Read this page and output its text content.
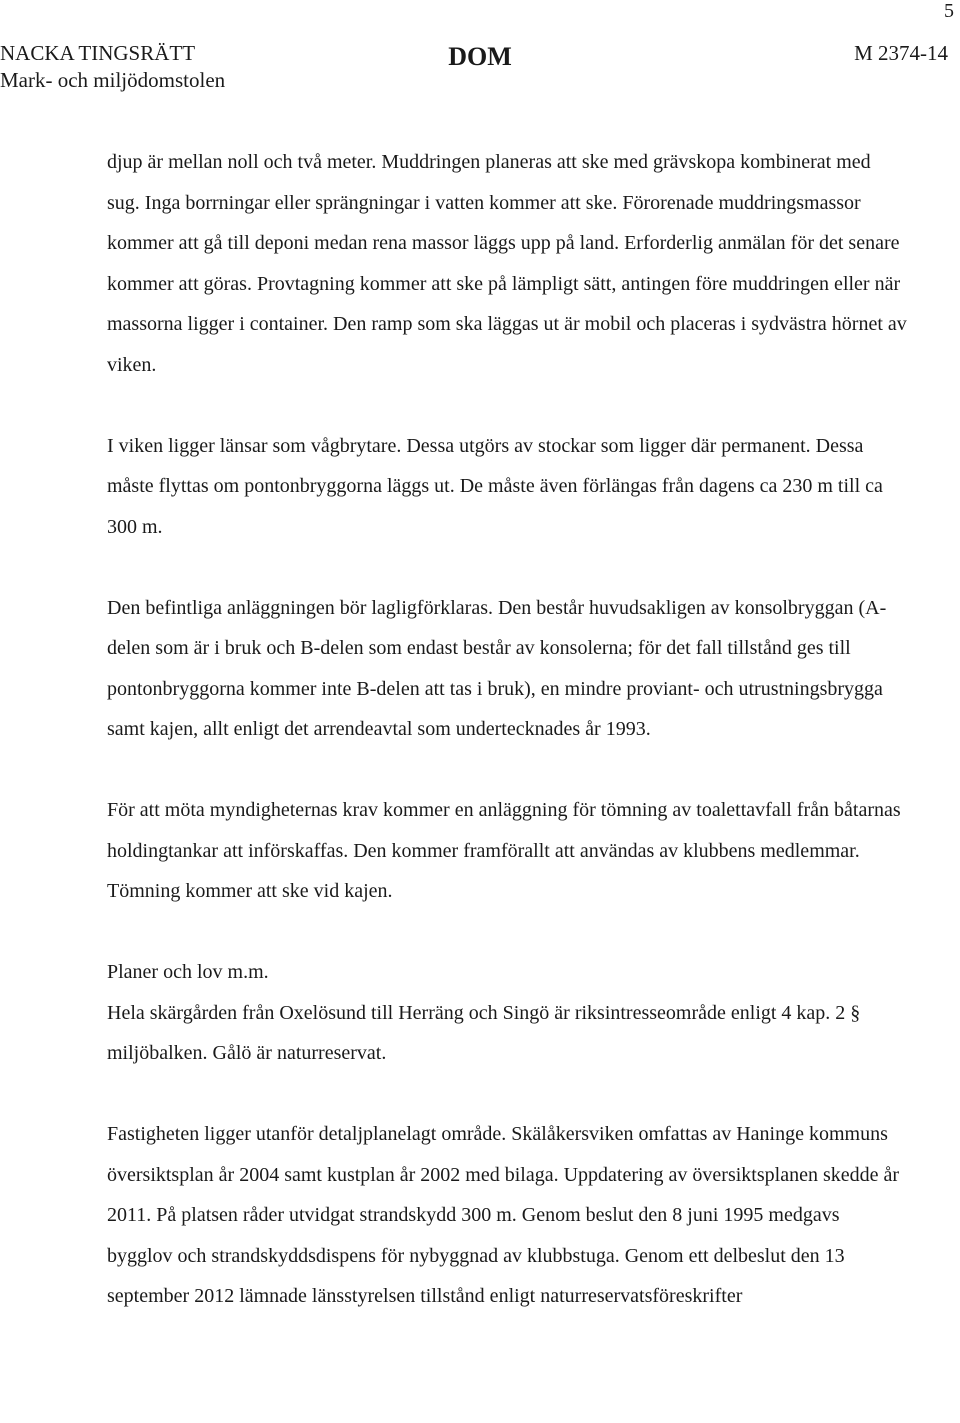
5
NACKA TINGSRÄTT
Mark- och miljödomstolen
DOM	M 2374-14

djup är mellan noll och två meter. Muddringen planeras att ske med grävskopa kombinerat med sug. Inga borrningar eller sprängningar i vatten kommer att ske. Förorenade muddringsmassor kommer att gå till deponi medan rena massor läggs upp på land. Erforderlig anmälan för det senare kommer att göras. Provtagning kommer att ske på lämpligt sätt, antingen före muddringen eller när massorna ligger i container. Den ramp som ska läggas ut är mobil och placeras i sydvästra hörnet av viken.

I viken ligger länsar som vågbrytare. Dessa utgörs av stockar som ligger där permanent. Dessa måste flyttas om pontonbryggorna läggs ut. De måste även förlängas från dagens ca 230 m till ca 300 m.

Den befintliga anläggningen bör lagligförklaras. Den består huvudsakligen av konsolbryggan (A-delen som är i bruk och B-delen som endast består av konsolerna; för det fall tillstånd ges till pontonbryggorna kommer inte B-delen att tas i bruk), en mindre proviant- och utrustningsbrygga samt kajen, allt enligt det arrendeavtal som undertecknades år 1993.

För att möta myndigheternas krav kommer en anläggning för tömning av toalettavfall från båtarnas holdingtankar att införskaffas. Den kommer framförallt att användas av klubbens medlemmar. Tömning kommer att ske vid kajen.

Planer och lov m.m.

Hela skärgården från Oxelösund till Herräng och Singö är riksintresseområde enligt 4 kap. 2 § miljöbalken. Gålö är naturreservat.

Fastigheten ligger utanför detaljplanelagt område. Skälåkersviken omfattas av Haninge kommuns översiktsplan år 2004 samt kustplan år 2002 med bilaga. Uppdatering av översiktsplanen skedde år 2011. På platsen råder utvidgat strandskydd 300 m. Genom beslut den 8 juni 1995 medgavs bygglov och strandskyddsdispens för nybyggnad av klubbstuga. Genom ett delbeslut den 13 september 2012 lämnade länsstyrelsen tillstånd enligt naturreservatsföreskrifter
